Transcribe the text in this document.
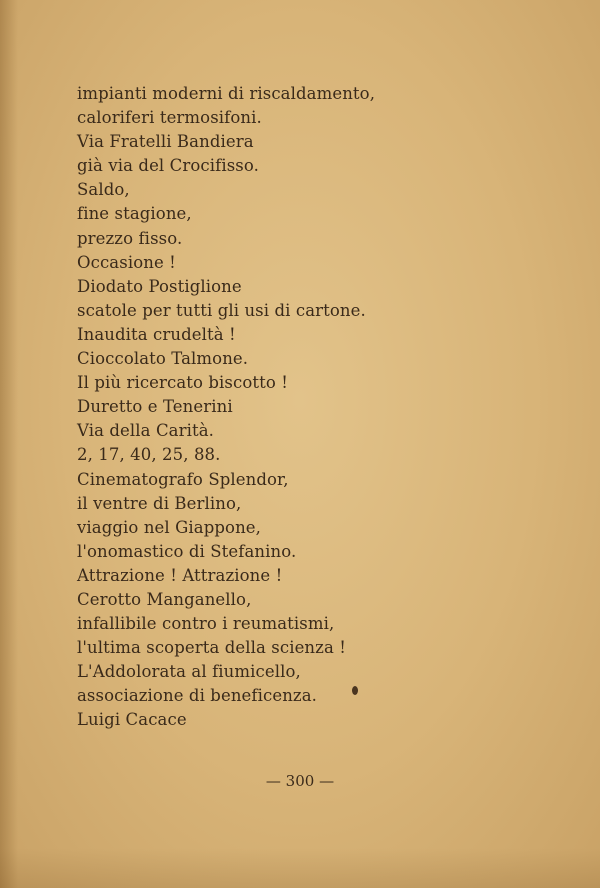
impianti moderni di riscaldamento,
caloriferi termosifoni.
Via Fratelli Bandiera
già via del Crocifisso.
Saldo,
fine stagione,
prezzo fisso.
Occasione !
Diodato Postiglione
scatole per tutti gli usi di cartone.
Inaudita crudeltà !
Cioccolato Talmone.
Il più ricercato biscotto !
Duretto e Tenerini
Via della Carità.
2, 17, 40, 25, 88.
Cinematografo Splendor,
il ventre di Berlino,
viaggio nel Giappone,
l'onomastico di Stefanino.
Attrazione ! Attrazione !
Cerotto Manganello,
infallibile contro i reumatismi,
l'ultima scoperta della scienza !
L'Addolorata al fiumicello,
associazione di beneficenza.
Luigi Cacace
— 300 —
